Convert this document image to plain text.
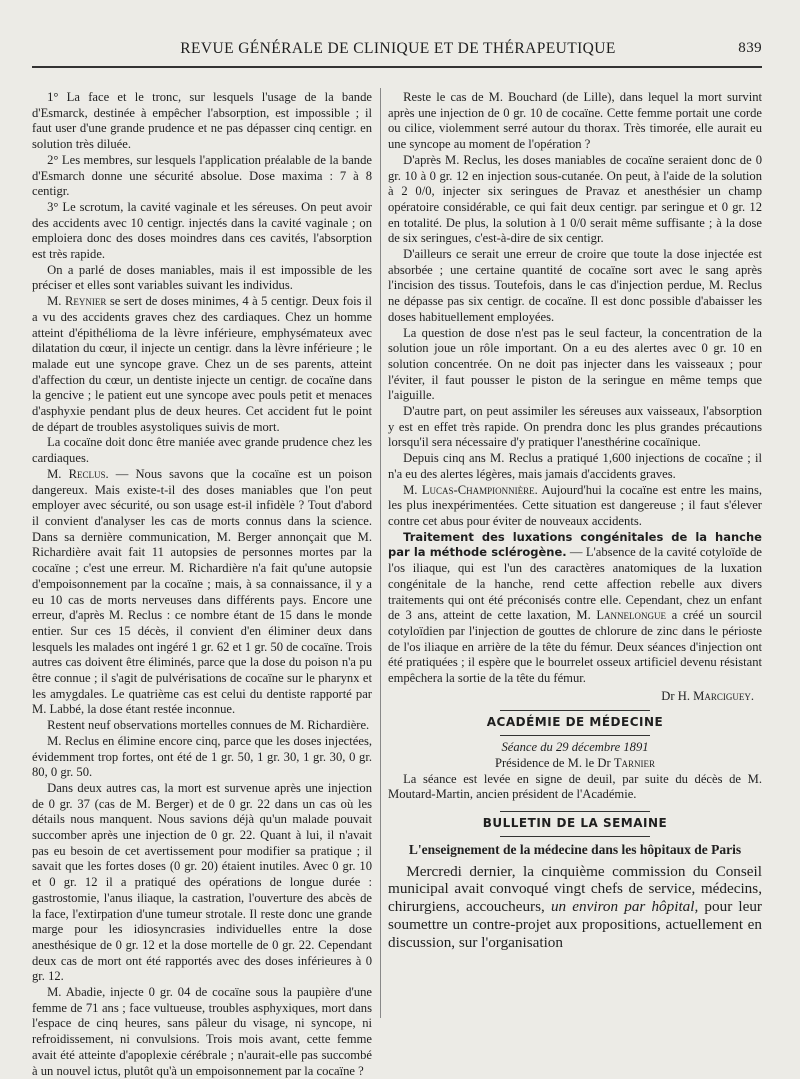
REVUE GÉNÉRALE DE CLINIQUE ET DE THÉRAPEUTIQUE	839

1° La face et le tronc, sur lesquels l'usage de la bande d'Esmarck, destinée à empêcher l'absorption, est impossible ; il faut user d'une grande prudence et ne pas dépasser cinq centigr. en solution très diluée.

2° Les membres, sur lesquels l'application préalable de la bande d'Esmarch donne une sécurité absolue. Dose maxima : 7 à 8 centigr.

3° Le scrotum, la cavité vaginale et les séreuses. On peut avoir des accidents avec 10 centigr. injectés dans la cavité vaginale ; on emploiera donc des doses moindres dans ces cavités, l'absorption est très rapide.

On a parlé de doses maniables, mais il est impossible de les préciser et elles sont variables suivant les individus.

M. Reynier se sert de doses minimes, 4 à 5 centigr. Deux fois il a vu des accidents graves chez des cardiaques. Chez un homme atteint d'épithélioma de la lèvre inférieure, emphysémateux avec dilatation du cœur, il injecte un centigr. dans la lèvre inférieure ; le malade eut une syncope grave. Chez un de ses parents, atteint d'affection du cœur, un dentiste injecte un centigr. de cocaïne dans la gencive ; le patient eut une syncope avec pouls petit et menaces d'asphyxie pendant plus de deux heures. Cet accident fut le point de départ de troubles asystoliques suivis de mort.

La cocaïne doit donc être maniée avec grande prudence chez les cardiaques.

M. Reclus. — Nous savons que la cocaïne est un poison dangereux. Mais existe-t-il des doses maniables que l'on peut employer avec sécurité, ou son usage est-il infidèle ? Tout d'abord il convient d'analyser les cas de morts connus dans la science. Dans sa dernière communication, M. Berger annonçait que M. Richardière avait fait 11 autopsies de personnes mortes par la cocaïne ; c'est une erreur. M. Richardière n'a fait qu'une autopsie d'empoisonnement par la cocaïne ; mais, à sa connaissance, il y a eu 10 cas de morts nerveuses dans différents pays. Encore une erreur, d'après M. Reclus : ce nombre étant de 15 dans le monde entier. Sur ces 15 décès, il convient d'en éliminer deux dans lesquels les malades ont ingéré 1 gr. 62 et 1 gr. 50 de cocaïne. Trois autres cas doivent être éliminés, parce que la dose du poison n'a pu être connue ; il s'agit de pulvérisations de cocaïne sur le pharynx et les amygdales. Le quatrième cas est celui du dentiste rapporté par M. Labbé, la dose étant restée inconnue.

Restent neuf observations mortelles connues de M. Richardière.

M. Reclus en élimine encore cinq, parce que les doses injectées, évidemment trop fortes, ont été de 1 gr. 50, 1 gr. 30, 1 gr. 30, 0 gr. 80, 0 gr. 50.

Dans deux autres cas, la mort est survenue après une injection de 0 gr. 37 (cas de M. Berger) et de 0 gr. 22 dans un cas où les détails nous manquent. Nous savions déjà qu'un malade pouvait succomber après une injection de 0 gr. 22. Quant à lui, il n'avait pas eu besoin de cet avertissement pour modifier sa pratique ; il savait que les fortes doses (0 gr. 20) étaient inutiles. Avec 0 gr. 10 et 0 gr. 12 il a pratiqué des opérations de longue durée : gastrostomie, l'anus iliaque, la castration, l'ouverture des abcès de la face, l'extirpation d'une tumeur strotale. Il reste donc une grande marge pour les idiosyncrasies individuelles entre la dose anesthésique de 0 gr. 12 et la dose mortelle de 0 gr. 22. Cependant deux cas de mort ont été rapportés avec des doses inférieures à 0 gr. 12.

M. Abadie, injecte 0 gr. 04 de cocaïne sous la paupière d'une femme de 71 ans ; face vultueuse, troubles asphyxiques, mort dans l'espace de cinq heures, sans pâleur du visage, ni syncope, ni refroidissement, ni convulsions. Trois mois avant, cette femme avait été atteinte d'apoplexie cérébrale ; n'aurait-elle pas succombé à un nouvel ictus, plutôt qu'à un empoisonnement par la cocaïne ?

Reste le cas de M. Bouchard (de Lille), dans lequel la mort survint après une injection de 0 gr. 10 de cocaïne. Cette femme portait une corde ou cilice, violemment serré autour du thorax. Très timorée, elle aurait eu une syncope au moment de l'opération ?

D'après M. Reclus, les doses maniables de cocaïne seraient donc de 0 gr. 10 à 0 gr. 12 en injection sous-cutanée. On peut, à l'aide de la solution à 2 0/0, injecter six seringues de Pravaz et anesthésier un champ opératoire considérable, ce qui fait deux centigr. par seringue et 0 gr. 12 en totalité. De plus, la solution à 1 0/0 serait même suffisante ; à la dose de six seringues, c'est-à-dire de six centigr.

D'ailleurs ce serait une erreur de croire que toute la dose injectée est absorbée ; une certaine quantité de cocaïne sort avec le sang après l'incision des tissus. Toutefois, dans le cas d'injection perdue, M. Reclus ne dépasse pas six centigr. de cocaïne. Il est donc possible d'abaisser les doses habituellement employées.

La question de dose n'est pas le seul facteur, la concentration de la solution joue un rôle important. On a eu des alertes avec 0 gr. 10 en solution concentrée. On ne doit pas injecter dans les vaisseaux ; pour l'éviter, il faut pousser le piston de la seringue en même temps que l'aiguille.

D'autre part, on peut assimiler les séreuses aux vaisseaux, l'absorption y est en effet très rapide. On prendra donc les plus grandes précautions lorsqu'il sera nécessaire d'y pratiquer l'anesthérine cocaïnique.

Depuis cinq ans M. Reclus a pratiqué 1,600 injections de cocaïne ; il n'a eu des alertes légères, mais jamais d'accidents graves.

M. Lucas-Championnière. Aujourd'hui la cocaïne est entre les mains, les plus inexpérimentées. Cette situation est dangereuse ; il faut s'élever contre cet abus pour éviter de nouveaux accidents.

Traitement des luxations congénitales de la hanche par la méthode sclérogène. — L'absence de la cavité cotyloïde de l'os iliaque, qui est l'un des caractères anatomiques de la luxation congénitale de la hanche, rend cette affection rebelle aux divers traitements qui ont été préconisés contre elle. Cependant, chez un enfant de 3 ans, atteint de cette laxation, M. Lannelongue a créé un sourcil cotyloïdien par l'injection de gouttes de chlorure de zinc dans le périoste de l'os iliaque en arrière de la tête du fémur. Deux séances d'injection ont été pratiquées ; il espère que le bourrelet osseux artificiel devenu résistant empêchera la sortie de la tête du fémur.

Dr H. Marciguey.

ACADÉMIE DE MÉDECINE

Séance du 29 décembre 1891

Présidence de M. le Dr Tarnier

La séance est levée en signe de deuil, par suite du décès de M. Moutard-Martin, ancien président de l'Académie.

BULLETIN DE LA SEMAINE

L'enseignement de la médecine dans les hôpitaux de Paris

Mercredi dernier, la cinquième commission du Conseil municipal avait convoqué vingt chefs de service, médecins, chirurgiens, accoucheurs, un environ par hôpital, pour leur soumettre un contre-projet aux propositions, actuellement en discussion, sur l'organisation
